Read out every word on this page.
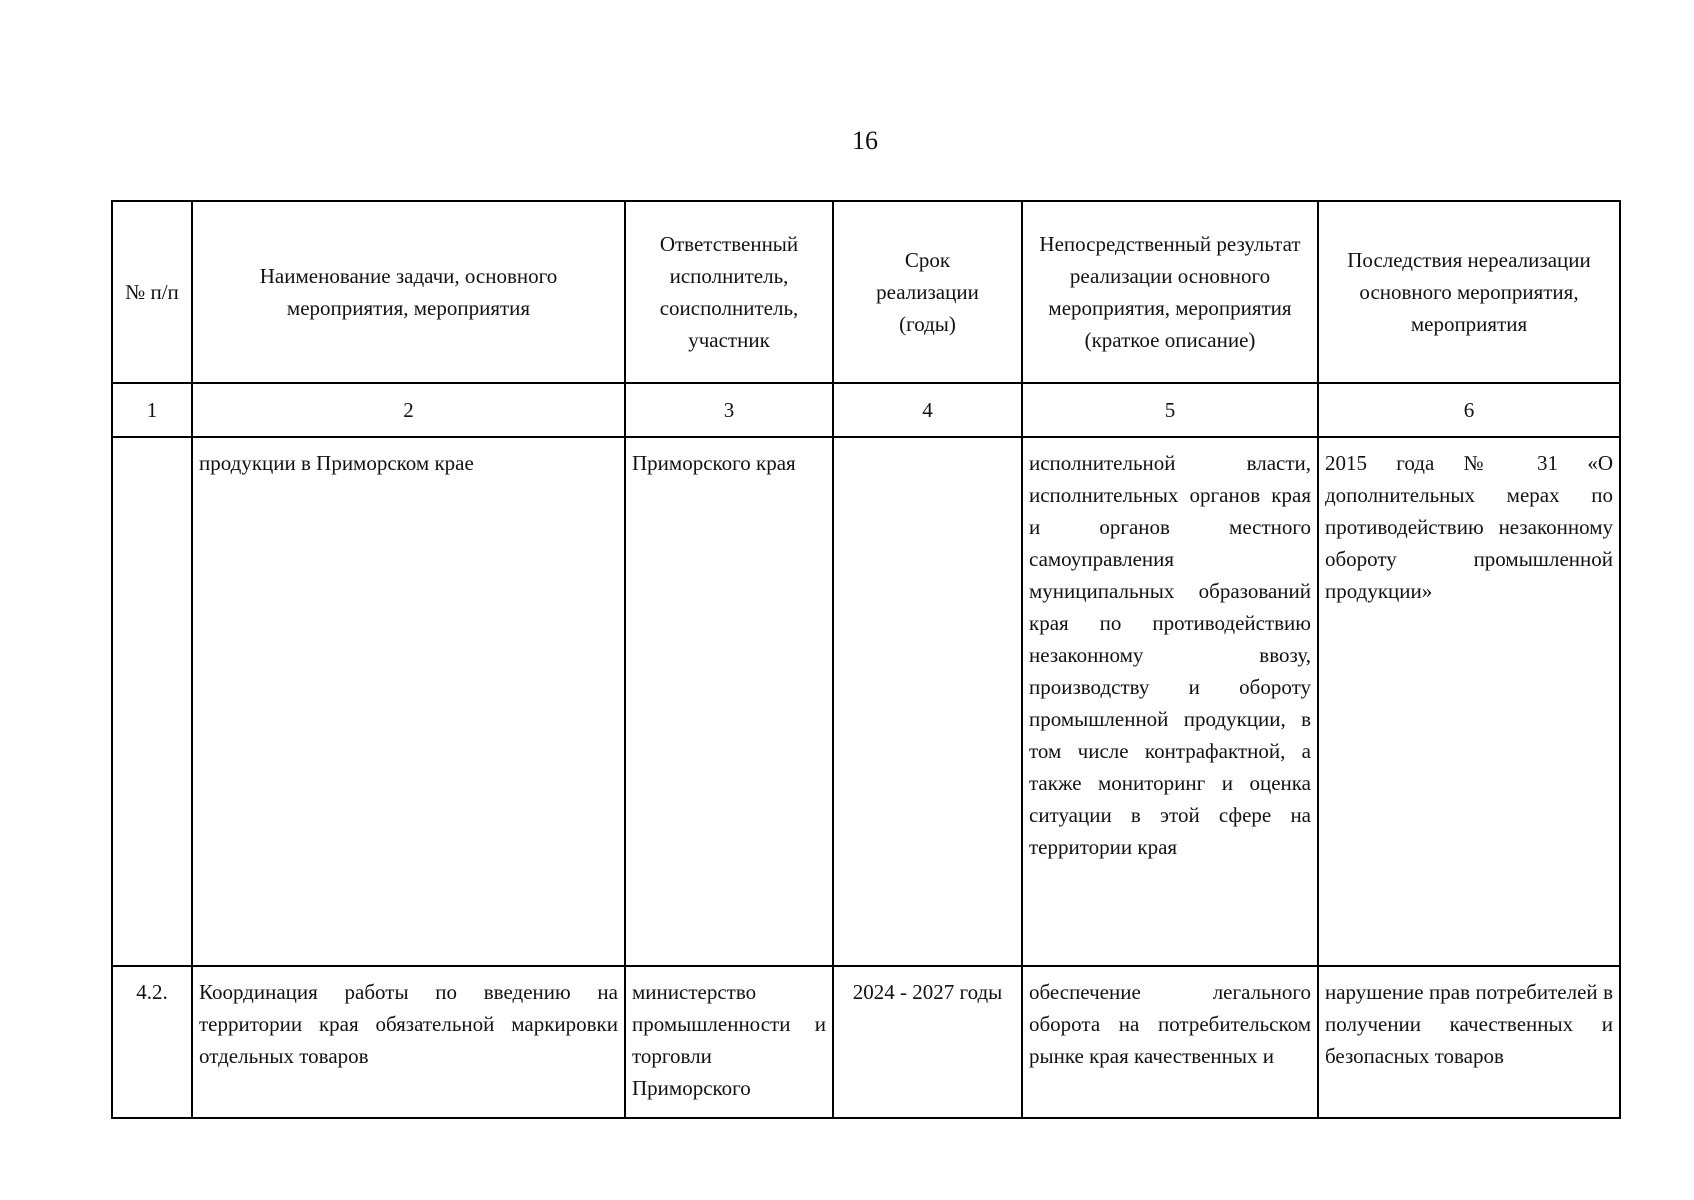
16
№ п/п	Наименование задачи, основного мероприятия, мероприятия	Ответственный исполнитель, соисполнитель, участник	Срок реализации (годы)	Непосредственный результат реализации основного мероприятия, мероприятия (краткое описание)	Последствия нереализации основного мероприятия, мероприятия
1	2	3	4	5	6
	продукции в Приморском крае	Приморского края		исполнительной власти, исполнительных органов края и органов местного самоуправления муниципальных образований края по противодействию незаконному ввозу, производству и обороту промышленной продукции, в том числе контрафактной, а также мониторинг и оценка ситуации в этой сфере на территории края	2015 года № 31 «О дополнительных мерах по противодействию незаконному обороту промышленной продукции»
4.2.	Координация работы по введению на территории края обязательной маркировки отдельных товаров	министерство промышленности и торговли Приморского	2024 - 2027 годы	обеспечение легального оборота на потребительском рынке края качественных и	нарушение прав потребителей в получении качественных и безопасных товаров
